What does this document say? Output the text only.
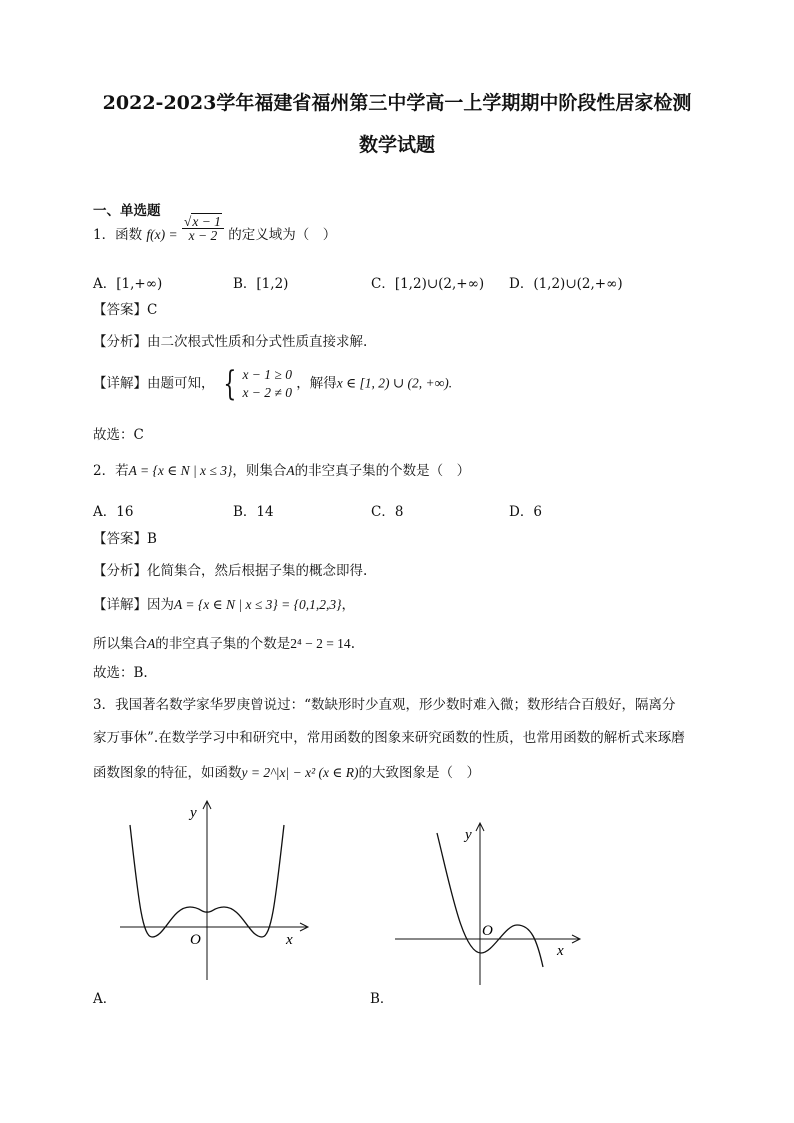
2022-2023学年福建省福州第三中学高一上学期期中阶段性居家检测
数学试题
一、单选题
1．函数 $f(x) = \frac{√x - 1}{x - 2}$ 的定义域为（　）
A．[1,+∞)	B．[1,2)	C．[1,2)∪(2,+∞) D．(1,2)∪(2,+∞)
【答案】C
【分析】由二次根式性质和分式性质直接求解.
【详解】由题可知， { x − 1 ≥ 0
x − 2 ≠ 0
，解得x ∈ [1, 2) ∪ (2, +∞).
故选：C
2．若A = {x ∈ N | x ≤ 3}，则集合A的非空真子集的个数是（　）
A．16	B．14	C．8	D．6
【答案】B
【分析】化简集合，然后根据子集的概念即得.
【详解】因为A = {x ∈ N | x ≤ 3} = {0,1,2,3}，
所以集合A的非空真子集的个数是2⁴ − 2 = 14.
故选：B.
3．我国著名数学家华罗庚曾说过：“数缺形时少直观，形少数时难入微；数形结合百般好，隔离分
家万事休”.在数学学习中和研究中，常用函数的图象来研究函数的性质，也常用函数的解析式来琢磨
函数图象的特征，如函数y = 2^|x| − x² (x ∈ R)的大致图象是（　）
y
x
O
A．
y
x
O
B．
